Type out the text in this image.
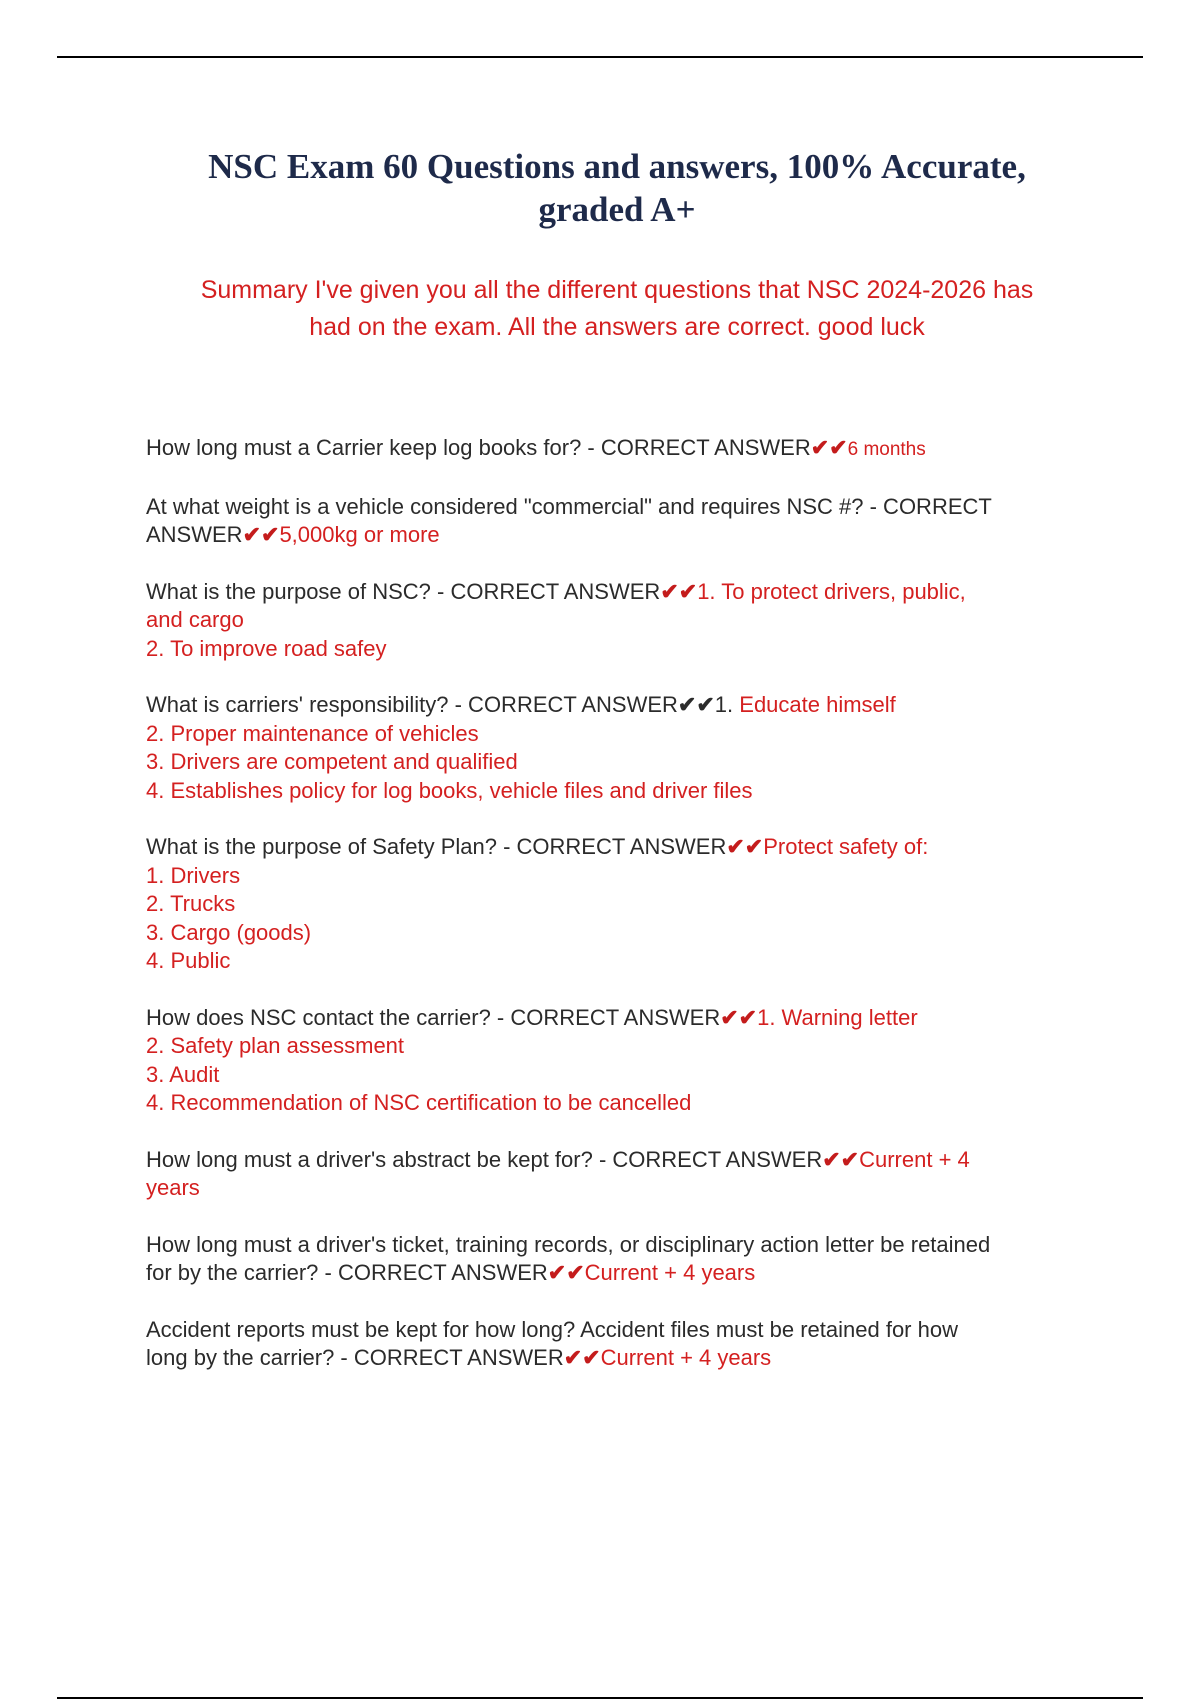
NSC Exam 60 Questions and answers, 100% Accurate,
graded A+

Summary I've given you all the different questions that NSC 2024-2026 has
had on the exam. All the answers are correct. good luck

How long must a Carrier keep log books for? - CORRECT ANSWER✔✔6 months
At what weight is a vehicle considered "commercial" and requires NSC #? - CORRECT
ANSWER✔✔5,000kg or more
What is the purpose of NSC? - CORRECT ANSWER✔✔1. To protect drivers, public,
and cargo
2. To improve road safey
What is carriers' responsibility? - CORRECT ANSWER✔✔1. Educate himself
2. Proper maintenance of vehicles
3. Drivers are competent and qualified
4. Establishes policy for log books, vehicle files and driver files
What is the purpose of Safety Plan? - CORRECT ANSWER✔✔Protect safety of:
1. Drivers
2. Trucks
3. Cargo (goods)
4. Public
How does NSC contact the carrier? - CORRECT ANSWER✔✔1. Warning letter
2. Safety plan assessment
3. Audit
4. Recommendation of NSC certification to be cancelled
How long must a driver's abstract be kept for? - CORRECT ANSWER✔✔Current + 4
years
How long must a driver's ticket, training records, or disciplinary action letter be retained
for by the carrier? - CORRECT ANSWER✔✔Current + 4 years
Accident reports must be kept for how long? Accident files must be retained for how
long by the carrier? - CORRECT ANSWER✔✔Current + 4 years
